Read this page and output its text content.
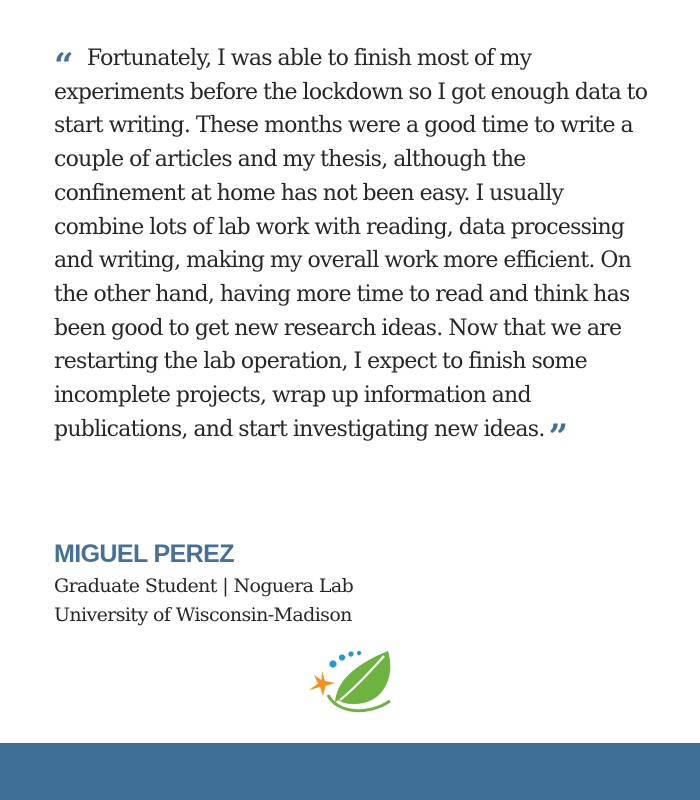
“ Fortunately, I was able to finish most of my experiments before the lockdown so I got enough data to start writing. These months were a good time to write a couple of articles and my thesis, although the confinement at home has not been easy. I usually combine lots of lab work with reading, data processing and writing, making my overall work more efficient. On the other hand, having more time to read and think has been good to get new research ideas. Now that we are restarting the lab operation, I expect to finish some incomplete projects, wrap up information and publications, and start investigating new ideas. ”
MIGUEL PEREZ
Graduate Student | Noguera Lab
University of Wisconsin-Madison
